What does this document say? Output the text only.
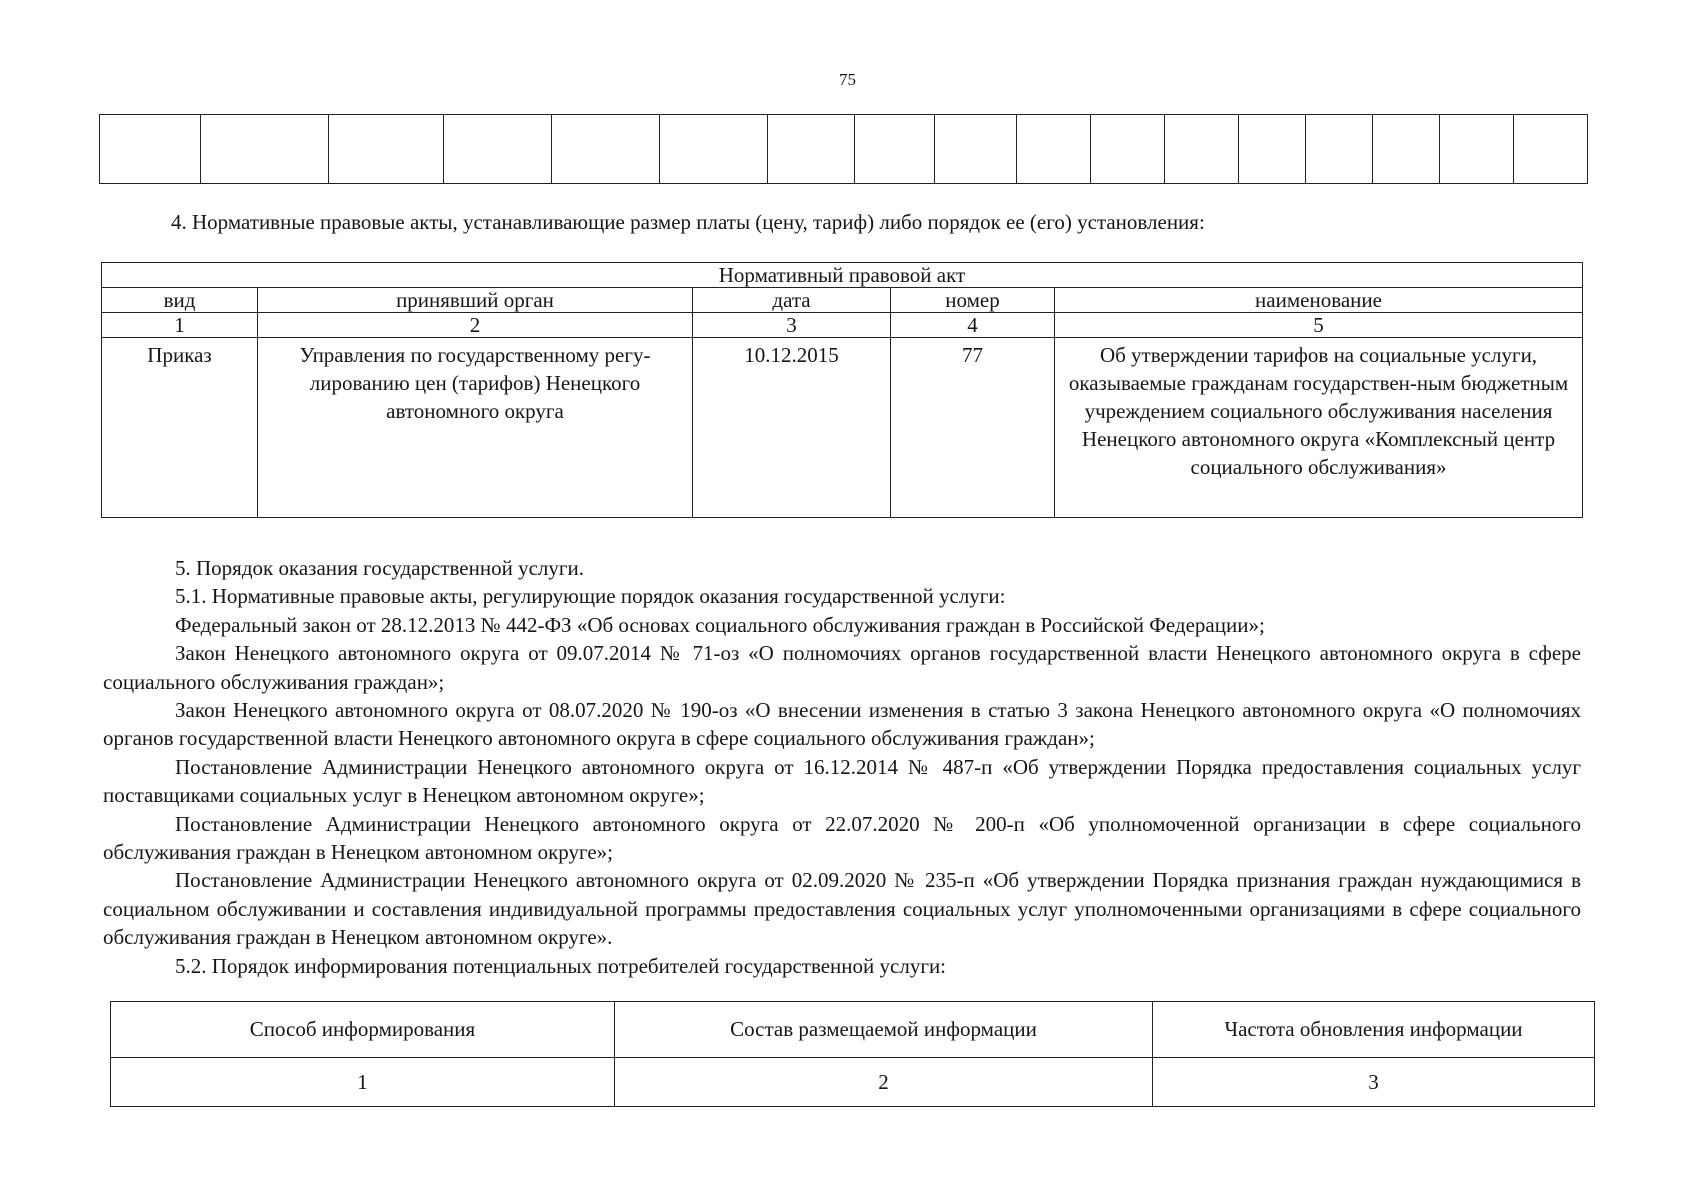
75

4. Нормативные правовые акты, устанавливающие размер платы (цену, тариф) либо порядок ее (его) установления:
Нормативный правовой акт				
вид	принявший орган	дата	номер	наименование
1	2	3	4	5
Приказ	Управления по государственному регу-лированию цен (тарифов) Ненецкого автономного округа	10.12.2015	77	Об утверждении тарифов на социальные услуги, оказываемые гражданам государствен-ным бюджетным учреждением социального обслуживания населения Ненецкого автономного округа «Комплексный центр социального обслуживания»

5. Порядок оказания государственной услуги.

5.1. Нормативные правовые акты, регулирующие порядок оказания государственной услуги:

Федеральный закон от 28.12.2013 № 442-ФЗ «Об основах социального обслуживания граждан в Российской Федерации»;

Закон Ненецкого автономного округа от 09.07.2014 № 71-оз «О полномочиях органов государственной власти Ненецкого автономного округа в сфере социального обслуживания граждан»;

Закон Ненецкого автономного округа от 08.07.2020 № 190-оз «О внесении изменения в статью 3 закона Ненецкого автономного округа «О полномочиях органов государственной власти Ненецкого автономного округа в сфере социального обслуживания граждан»;

Постановление Администрации Ненецкого автономного округа от 16.12.2014 № 487-п «Об утверждении Порядка предоставления социальных услуг поставщиками социальных услуг в Ненецком автономном округе»;

Постановление Администрации Ненецкого автономного округа от 22.07.2020 № 200-п «Об уполномоченной организации в сфере социального обслуживания граждан в Ненецком автономном округе»;

Постановление Администрации Ненецкого автономного округа от 02.09.2020 № 235-п «Об утверждении Порядка признания граждан нуждающимися в социальном обслуживании и составления индивидуальной программы предоставления социальных услуг уполномоченными организациями в сфере социального обслуживания граждан в Ненецком автономном округе».

5.2. Порядок информирования потенциальных потребителей государственной услуги:

Способ информирования	Состав размещаемой информации	Частота обновления информации
1	2	3
